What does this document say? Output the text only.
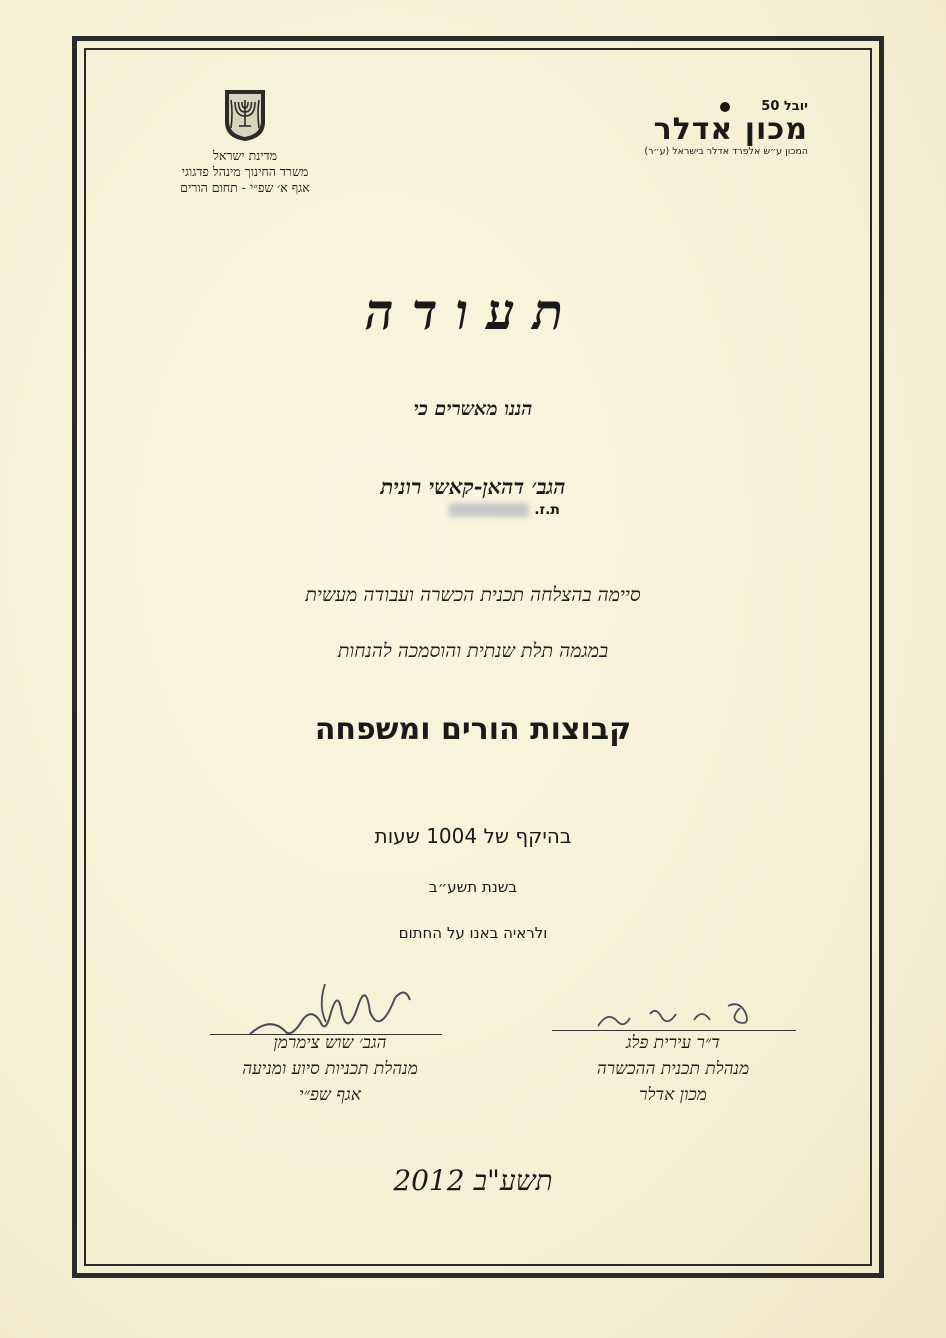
מדינת ישראל
משרד החינוך מינהל פדגוגי
אגף א׳ שפ״י - תחום הורים
יובל 50
מכון אדלר
המכון ע״ש אלפרד אדלר בישראל (ע״ר)
תעודה
הננו מאשרים כי
הגב׳ דהאן-קאשי רונית
ת.ז.
סיימה בהצלחה תכנית הכשרה ועבודה מעשית
במגמה תלת שנתית והוסמכה להנחות
קבוצות הורים ומשפחה
בהיקף של 1004 שעות
בשנת תשע״ב
ולראיה באנו על החתום
הגב׳ שוש צימרמן
מנהלת תכניות סיוע ומניעה
אגף שפ״י
ד״ר עירית פלג
מנהלת תכנית ההכשרה
מכון אדלר
תשע"ב 2012
